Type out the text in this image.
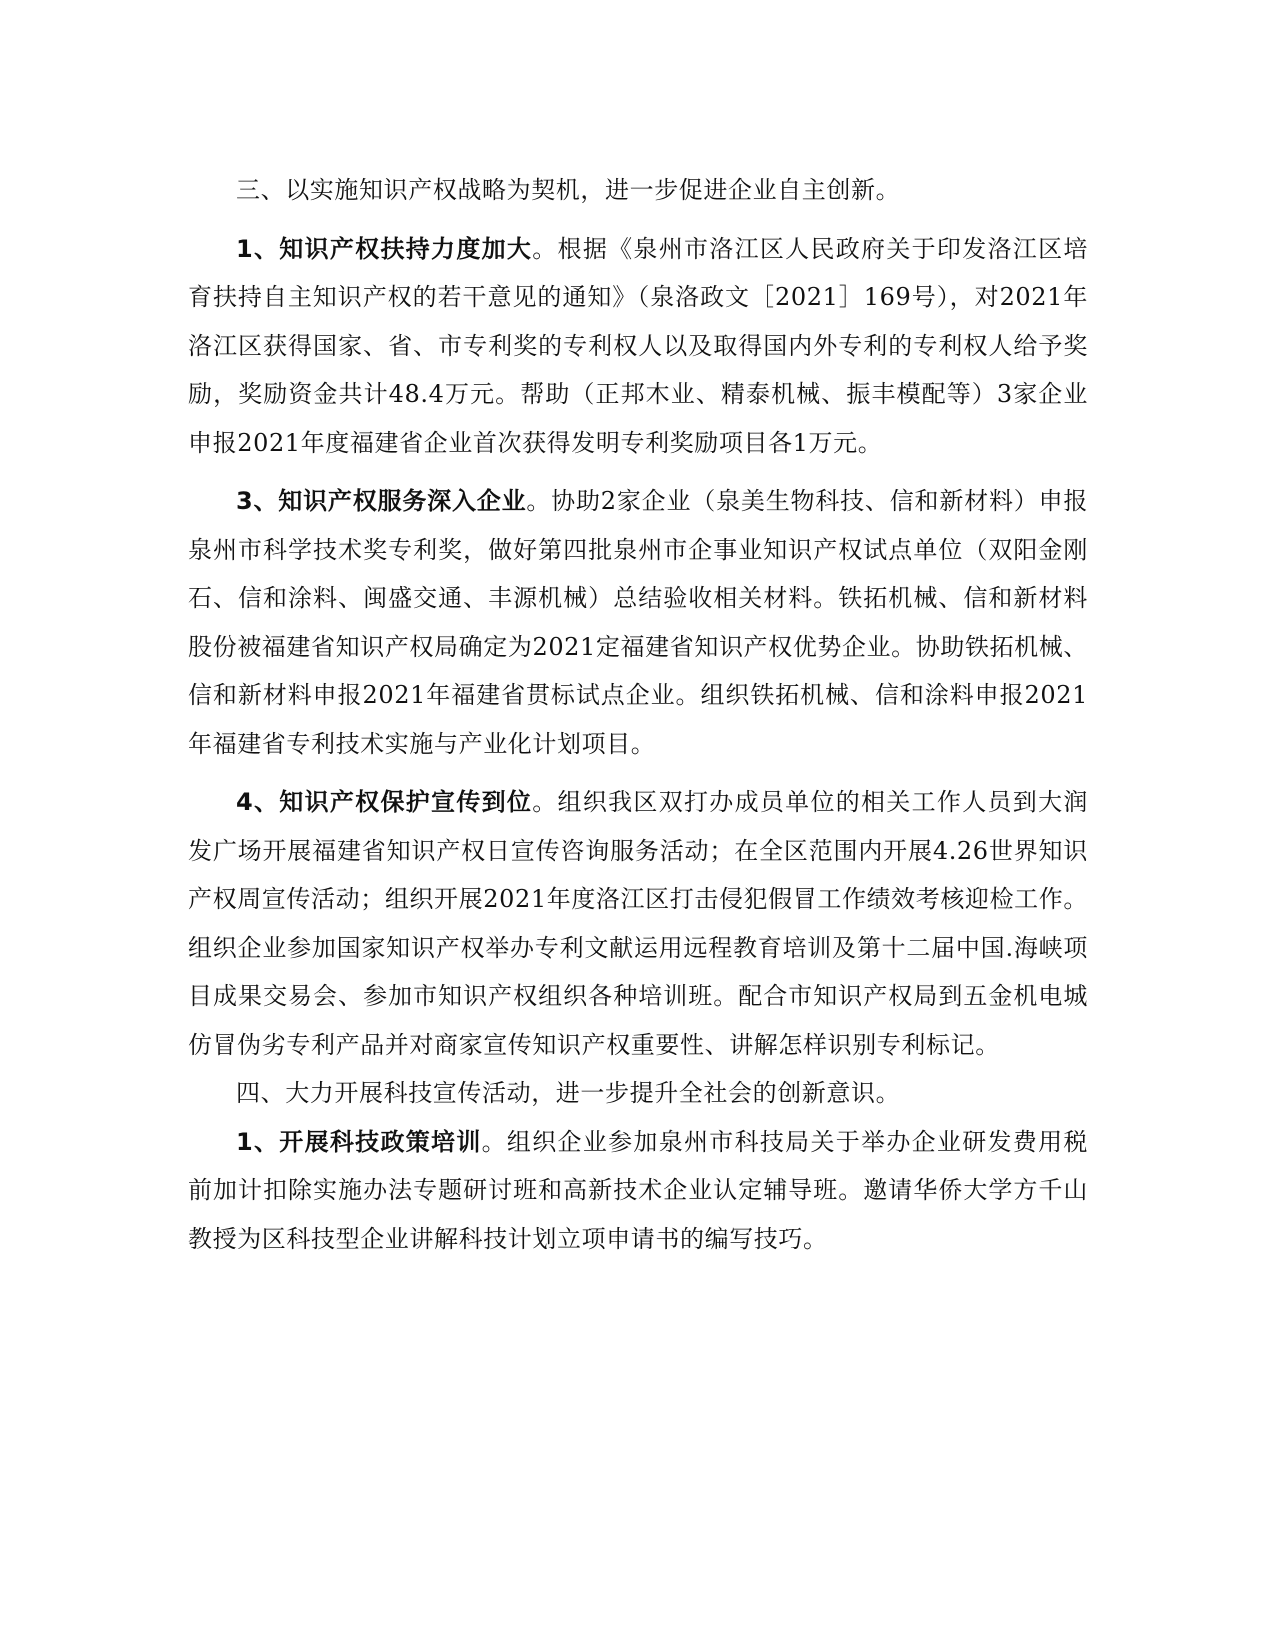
三、以实施知识产权战略为契机，进一步促进企业自主创新。

1、知识产权扶持力度加大。根据《泉州市洛江区人民政府关于印发洛江区培育扶持自主知识产权的若干意见的通知》（泉洛政文［2021］169号），对2021年洛江区获得国家、省、市专利奖的专利权人以及取得国内外专利的专利权人给予奖励，奖励资金共计48.4万元。帮助（正邦木业、精泰机械、振丰模配等）3家企业申报2021年度福建省企业首次获得发明专利奖励项目各1万元。

3、知识产权服务深入企业。协助2家企业（泉美生物科技、信和新材料）申报泉州市科学技术奖专利奖，做好第四批泉州市企事业知识产权试点单位（双阳金刚石、信和涂料、闽盛交通、丰源机械）总结验收相关材料。铁拓机械、信和新材料股份被福建省知识产权局确定为2021定福建省知识产权优势企业。协助铁拓机械、信和新材料申报2021年福建省贯标试点企业。组织铁拓机械、信和涂料申报2021年福建省专利技术实施与产业化计划项目。

4、知识产权保护宣传到位。组织我区双打办成员单位的相关工作人员到大润发广场开展福建省知识产权日宣传咨询服务活动；在全区范围内开展4.26世界知识产权周宣传活动；组织开展2021年度洛江区打击侵犯假冒工作绩效考核迎检工作。组织企业参加国家知识产权举办专利文献运用远程教育培训及第十二届中国.海峡项目成果交易会、参加市知识产权组织各种培训班。配合市知识产权局到五金机电城仿冒伪劣专利产品并对商家宣传知识产权重要性、讲解怎样识别专利标记。

四、大力开展科技宣传活动，进一步提升全社会的创新意识。

1、开展科技政策培训。组织企业参加泉州市科技局关于举办企业研发费用税前加计扣除实施办法专题研讨班和高新技术企业认定辅导班。邀请华侨大学方千山教授为区科技型企业讲解科技计划立项申请书的编写技巧。
